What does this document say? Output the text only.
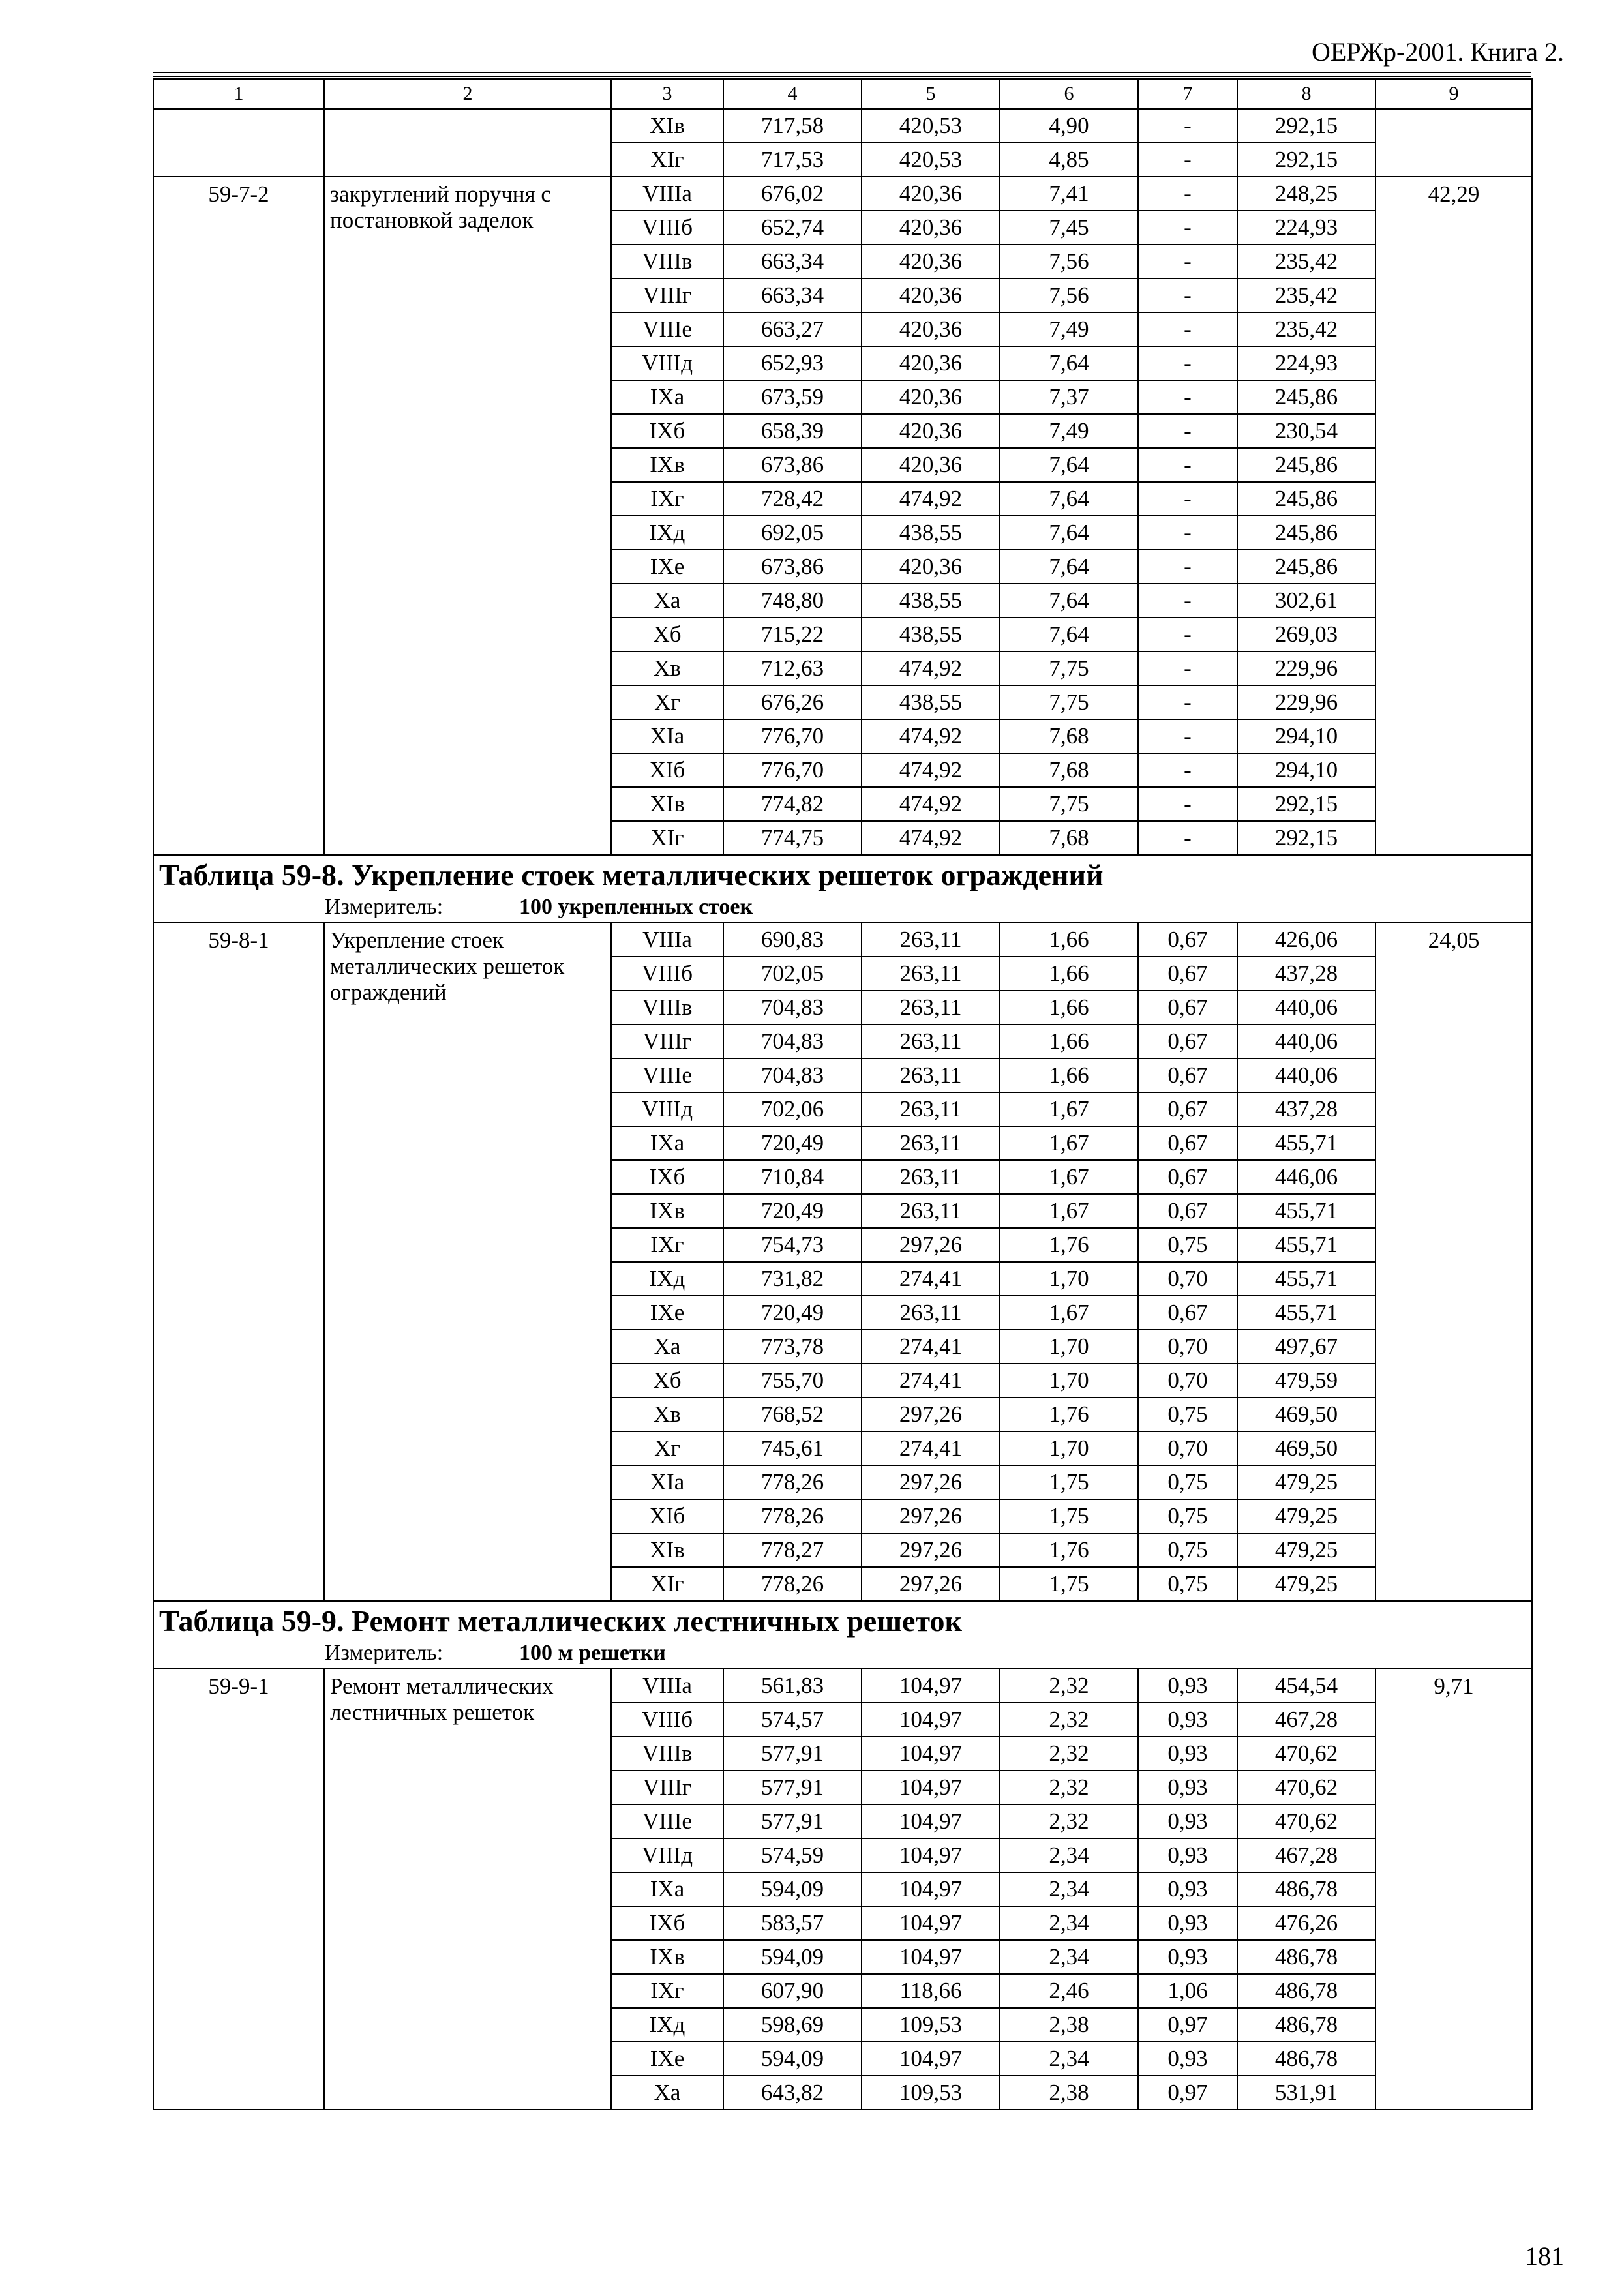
ОЕРЖр-2001. Книга 2.
1	2	3	4	5	6	7	8	9
		XIв	717,58	420,53	4,90	-	292,15	
		XIг	717,53	420,53	4,85	-	292,15	
59-7-2	закруглений поручня с постановкой заделок	VIIIа	676,02	420,36	7,41	-	248,25	42,29
		VIIIб	652,74	420,36	7,45	-	224,93	
		VIIIв	663,34	420,36	7,56	-	235,42	
		VIIIг	663,34	420,36	7,56	-	235,42	
		VIIIе	663,27	420,36	7,49	-	235,42	
		VIIIд	652,93	420,36	7,64	-	224,93	
		IXа	673,59	420,36	7,37	-	245,86	
		IXб	658,39	420,36	7,49	-	230,54	
		IXв	673,86	420,36	7,64	-	245,86	
		IXг	728,42	474,92	7,64	-	245,86	
		IXд	692,05	438,55	7,64	-	245,86	
		IXе	673,86	420,36	7,64	-	245,86	
		Xа	748,80	438,55	7,64	-	302,61	
		Xб	715,22	438,55	7,64	-	269,03	
		Xв	712,63	474,92	7,75	-	229,96	
		Xг	676,26	438,55	7,75	-	229,96	
		XIа	776,70	474,92	7,68	-	294,10	
		XIб	776,70	474,92	7,68	-	294,10	
		XIв	774,82	474,92	7,75	-	292,15	
		XIг	774,75	474,92	7,68	-	292,15	

Таблица 59-8. Укрепление стоек металлических решеток ограждений
Измеритель: 100 укрепленных стоек								

59-8-1	Укрепление стоек металлических решеток ограждений	VIIIа	690,83	263,11	1,66	0,67	426,06	24,05
		VIIIб	702,05	263,11	1,66	0,67	437,28	
		VIIIв	704,83	263,11	1,66	0,67	440,06	
		VIIIг	704,83	263,11	1,66	0,67	440,06	
		VIIIе	704,83	263,11	1,66	0,67	440,06	
		VIIIд	702,06	263,11	1,67	0,67	437,28	
		IXа	720,49	263,11	1,67	0,67	455,71	
		IXб	710,84	263,11	1,67	0,67	446,06	
		IXв	720,49	263,11	1,67	0,67	455,71	
		IXг	754,73	297,26	1,76	0,75	455,71	
		IXд	731,82	274,41	1,70	0,70	455,71	
		IXе	720,49	263,11	1,67	0,67	455,71	
		Xа	773,78	274,41	1,70	0,70	497,67	
		Xб	755,70	274,41	1,70	0,70	479,59	
		Xв	768,52	297,26	1,76	0,75	469,50	
		Xг	745,61	274,41	1,70	0,70	469,50	
		XIа	778,26	297,26	1,75	0,75	479,25	
		XIб	778,26	297,26	1,75	0,75	479,25	
		XIв	778,27	297,26	1,76	0,75	479,25	
		XIг	778,26	297,26	1,75	0,75	479,25	

Таблица 59-9. Ремонт металлических лестничных решеток
Измеритель: 100 м решетки								

59-9-1	Ремонт металлических лестничных решеток	VIIIа	561,83	104,97	2,32	0,93	454,54	9,71
		VIIIб	574,57	104,97	2,32	0,93	467,28	
		VIIIв	577,91	104,97	2,32	0,93	470,62	
		VIIIг	577,91	104,97	2,32	0,93	470,62	
		VIIIе	577,91	104,97	2,32	0,93	470,62	
		VIIIд	574,59	104,97	2,34	0,93	467,28	
		IXа	594,09	104,97	2,34	0,93	486,78	
		IXб	583,57	104,97	2,34	0,93	476,26	
		IXв	594,09	104,97	2,34	0,93	486,78	
		IXг	607,90	118,66	2,46	1,06	486,78	
		IXд	598,69	109,53	2,38	0,97	486,78	
		IXе	594,09	104,97	2,34	0,93	486,78	
		Xа	643,82	109,53	2,38	0,97	531,91	
181
